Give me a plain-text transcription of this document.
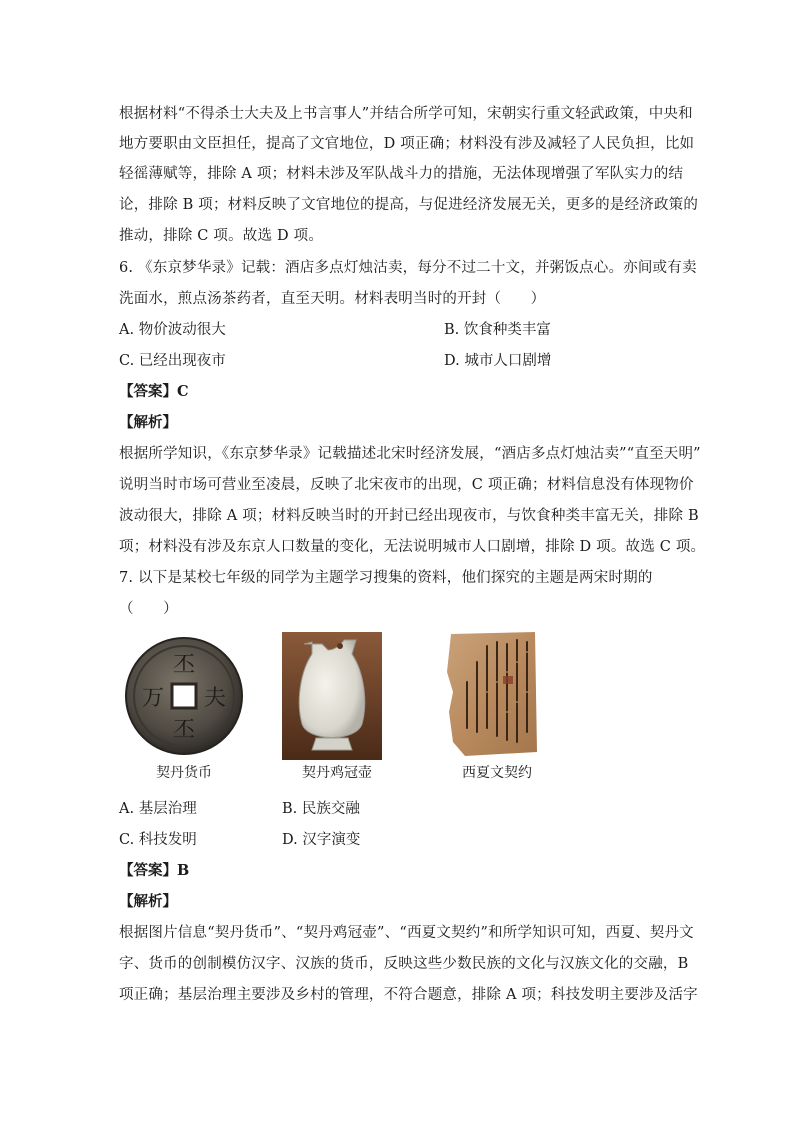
根据材料“不得杀士大夫及上书言事人”并结合所学可知，宋朝实行重文轻武政策，中央和
地方要职由文臣担任，提高了文官地位，D 项正确；材料没有涉及减轻了人民负担，比如
轻徭薄赋等，排除 A 项；材料未涉及军队战斗力的措施，无法体现增强了军队实力的结
论，排除 B 项；材料反映了文官地位的提高，与促进经济发展无关，更多的是经济政策的
推动，排除 C 项。故选 D 项。
6. 《东京梦华录》记载：酒店多点灯烛沽卖，每分不过二十文，并粥饭点心。亦间或有卖
洗面水，煎点汤茶药者，直至天明。材料表明当时的开封（　　）
A. 物价波动很大	B. 饮食种类丰富
C. 已经出现夜市	D. 城市人口剧增
【答案】C
【解析】
根据所学知识，《东京梦华录》记载描述北宋时经济发展，“酒店多点灯烛沽卖”“直至天明”
说明当时市场可营业至凌晨，反映了北宋夜市的出现，C 项正确；材料信息没有体现物价
波动很大，排除 A 项；材料反映当时的开封已经出现夜市，与饮食种类丰富无关，排除 B
项；材料没有涉及东京人口数量的变化，无法说明城市人口剧增，排除 D 项。故选 C 项。
7. 以下是某校七年级的同学为主题学习搜集的资料，他们探究的主题是两宋时期的
（　　）
丕
夫
万
丕
契丹货币	契丹鸡冠壶	西夏文契约
A. 基层治理	B. 民族交融
C. 科技发明	D. 汉字演变
【答案】B
【解析】
根据图片信息“契丹货币”、“契丹鸡冠壶”、“西夏文契约”和所学知识可知，西夏、契丹文
字、货币的创制模仿汉字、汉族的货币，反映这些少数民族的文化与汉族文化的交融，B
项正确；基层治理主要涉及乡村的管理，不符合题意，排除 A 项；科技发明主要涉及活字
